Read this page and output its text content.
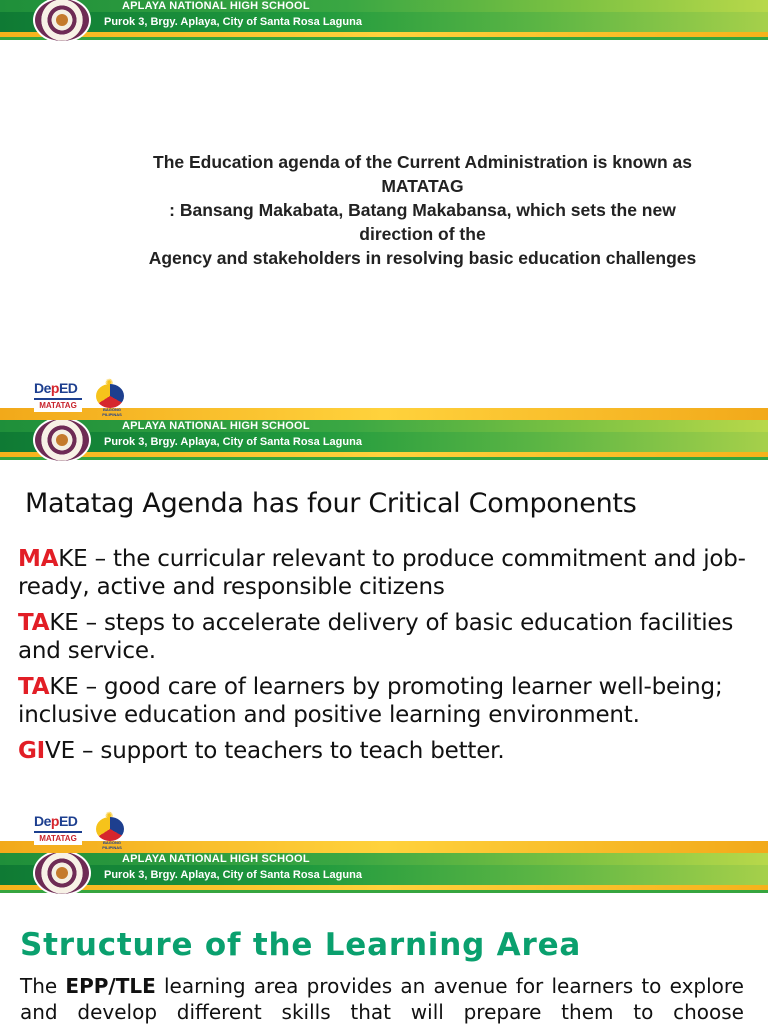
APLAYA NATIONAL HIGH SCHOOL
Purok 3, Brgy. Aplaya, City of Santa Rosa Laguna
The Education agenda of the Current Administration is known as
MATATAG
: Bansang Makabata, Batang Makabansa, which sets the new
direction of the
Agency and stakeholders in resolving basic education challenges
DepED
MATATAG	BAGONG PILIPINAS
APLAYA NATIONAL HIGH SCHOOL
Purok 3, Brgy. Aplaya, City of Santa Rosa Laguna
DepED
MATATAG	BAGONG PILIPINAS
APLAYA NATIONAL HIGH SCHOOL
Purok 3, Brgy. Aplaya, City of Santa Rosa Laguna
Matatag Agenda has four Critical Components
MAKE – the curricular relevant to produce commitment and job-ready, active and responsible citizens
TAKE – steps to accelerate delivery of basic education facilities and service.
TAKE – good care of learners by promoting learner well-being; inclusive education and positive learning environment.
GIVE – support to teachers to teach better.
Structure of the Learning Area
The EPP/TLE learning area provides an avenue for learners to explore and develop different skills that will prepare them to choose
